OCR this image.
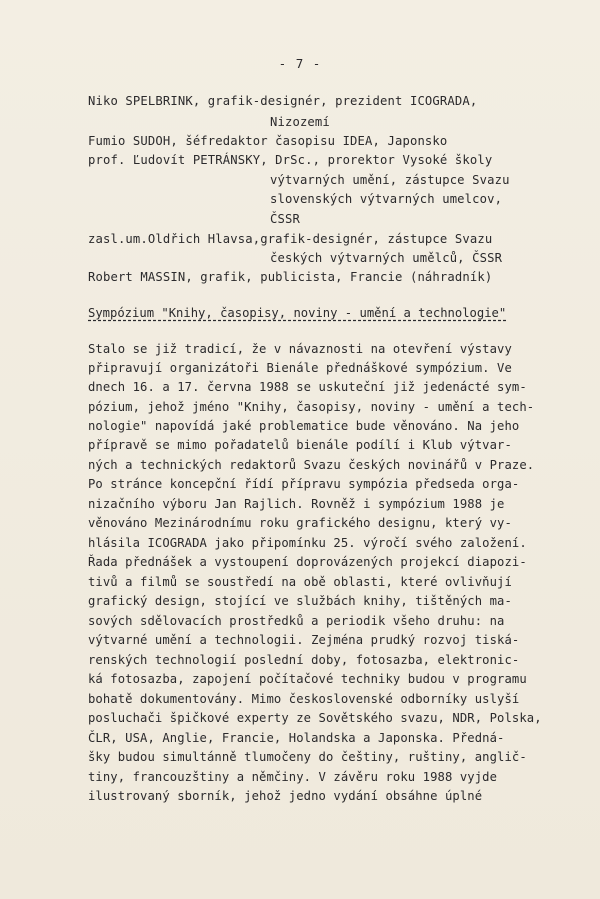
- 7 -
Niko SPELBRINK, grafik-designér, prezident ICOGRADA,
Nizozemí
Fumio SUDOH, šéfredaktor časopisu IDEA, Japonsko
prof. Ľudovít PETRÁNSKY, DrSc., prorektor Vysoké školy
výtvarných umění, zástupce Svazu
slovenských výtvarných umelcov,
ČSSR
zasl.um.Oldřich Hlavsa,grafik-designér, zástupce Svazu
českých výtvarných umělců, ČSSR
Robert MASSIN, grafik, publicista, Francie (náhradník)
Sympózium "Knihy, časopisy, noviny - umění a technologie"
Stalo se již tradicí, že v návaznosti na otevření výstavy
připravují organizátoři Bienále přednáškové sympózium. Ve
dnech 16. a 17. června 1988 se uskuteční již jedenácté sym-
pózium, jehož jméno "Knihy, časopisy, noviny - umění a tech-
nologie" napovídá jaké problematice bude věnováno. Na jeho
přípravě se mimo pořadatelů bienále podílí i Klub výtvar-
ných a technických redaktorů Svazu českých novinářů v Praze.
Po stránce koncepční řídí přípravu sympózia předseda orga-
nizačního výboru Jan Rajlich. Rovněž i sympózium 1988 je
věnováno Mezinárodnímu roku grafického designu, který vy-
hlásila ICOGRADA jako připomínku 25. výročí svého založení.
Řada přednášek a vystoupení doprovázených projekcí diapozi-
tivů a filmů se soustředí na obě oblasti, které ovlivňují
grafický design, stojící ve službách knihy, tištěných ma-
sových sdělovacích prostředků a periodik všeho druhu: na
výtvarné umění a technologii. Zejména prudký rozvoj tiská-
renských technologií poslední doby, fotosazba, elektronic-
ká fotosazba, zapojení počítačové techniky budou v programu
bohatě dokumentovány. Mimo československé odborníky uslyší
posluchači špičkové experty ze Sovětského svazu, NDR, Polska,
ČLR, USA, Anglie, Francie, Holandska a Japonska. Předná-
šky budou simultánně tlumočeny do češtiny, ruštiny, anglič-
tiny, francouzštiny a němčiny. V závěru roku 1988 vyjde
ilustrovaný sborník, jehož jedno vydání obsáhne úplné
